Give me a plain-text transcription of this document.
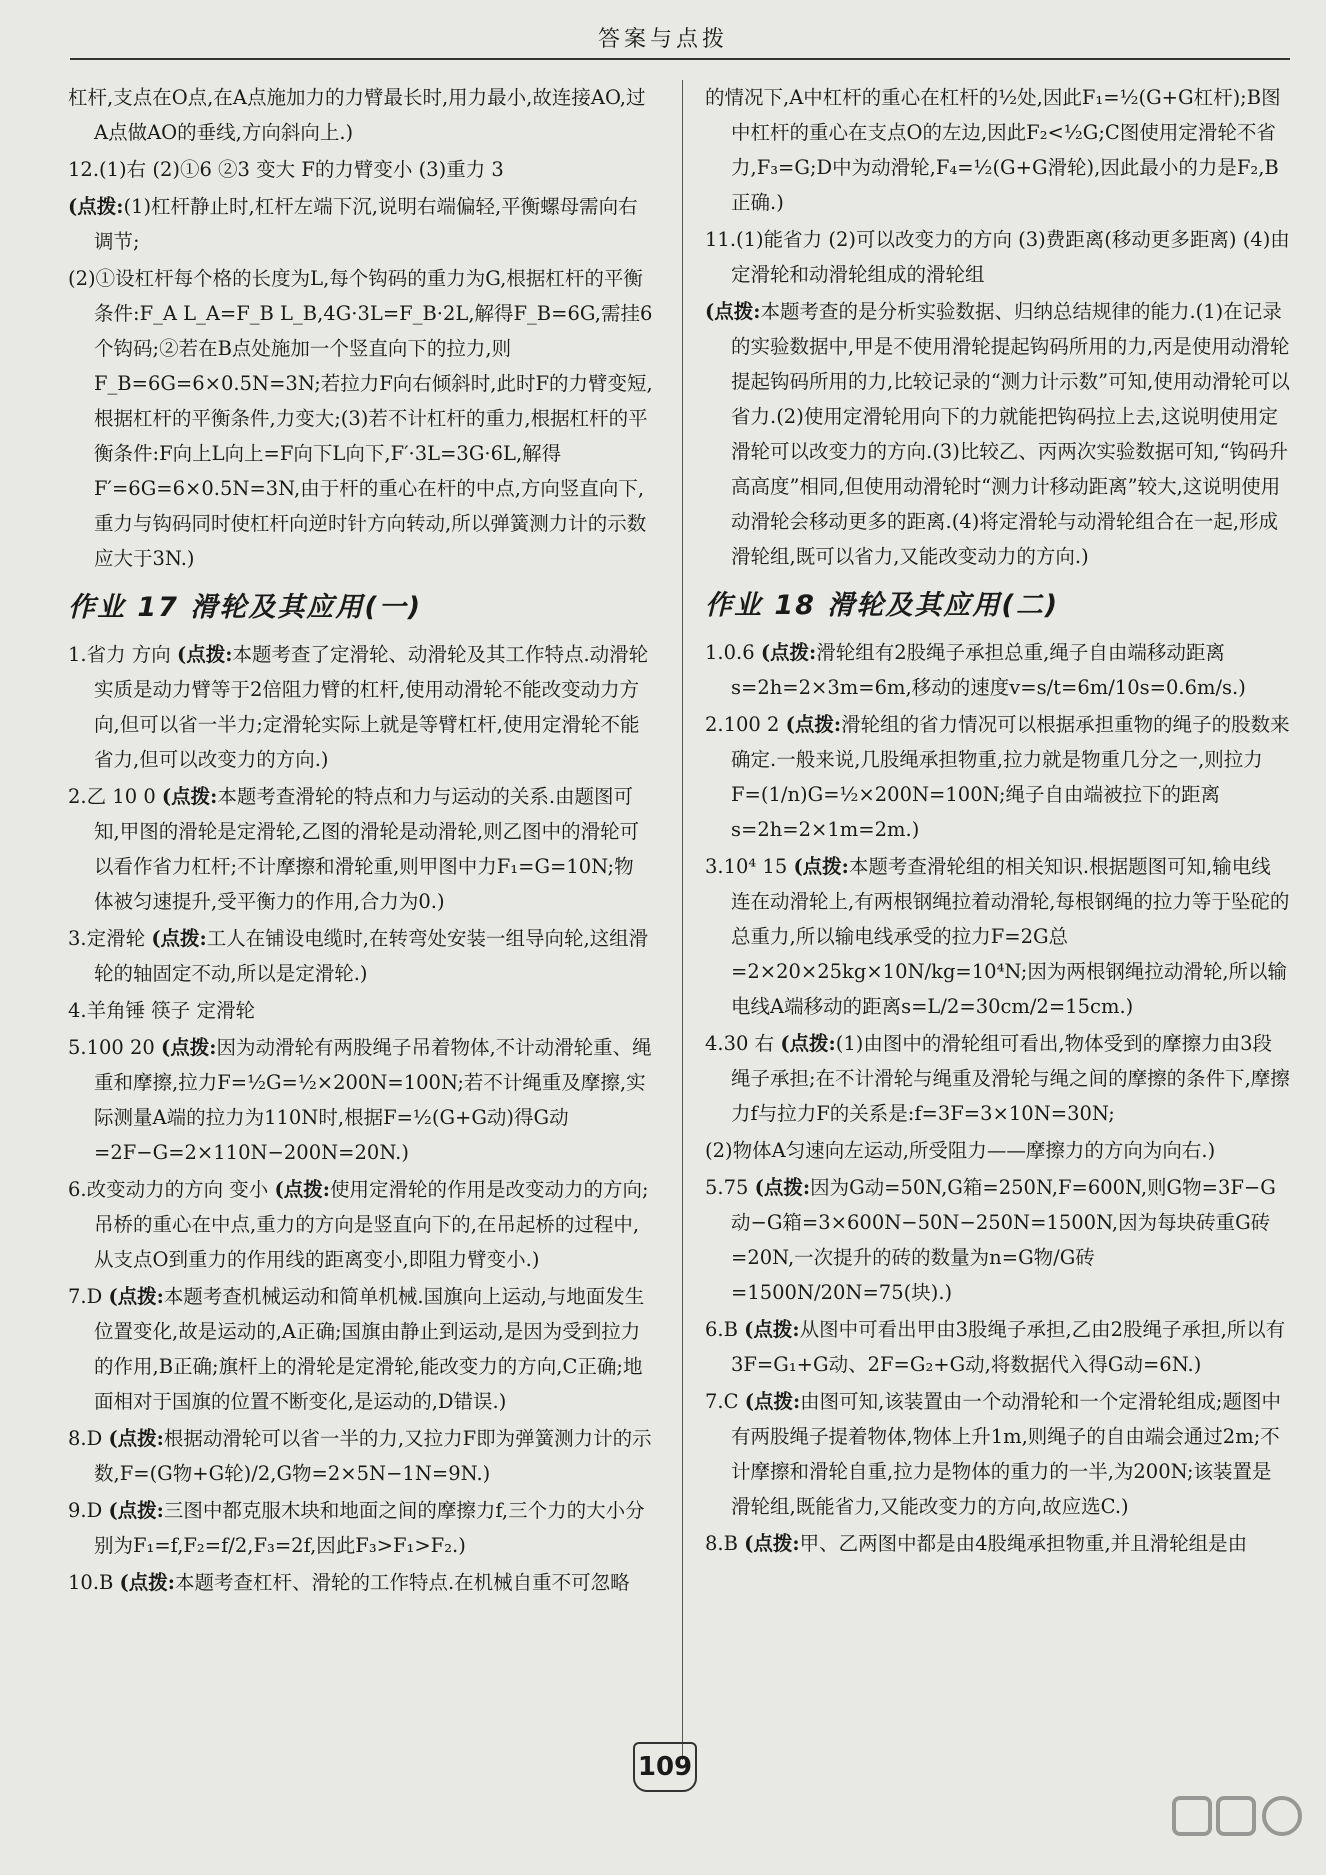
答案与点拨
杠杆,支点在O点,在A点施加力的力臂最长时,用力最小,故连接AO,过A点做AO的垂线,方向斜向上.)
12.(1)右 (2)①6 ②3 变大 F的力臂变小 (3)重力 3
(点拨:(1)杠杆静止时,杠杆左端下沉,说明右端偏轻,平衡螺母需向右调节;
(2)①设杠杆每个格的长度为L,每个钩码的重力为G,根据杠杆的平衡条件:F_A L_A=F_B L_B,4G·3L=F_B·2L,解得F_B=6G,需挂6个钩码;②若在B点处施加一个竖直向下的拉力,则F_B=6G=6×0.5N=3N;若拉力F向右倾斜时,此时F的力臂变短,根据杠杆的平衡条件,力变大;(3)若不计杠杆的重力,根据杠杆的平衡条件:F向上L向上=F向下L向下,F′·3L=3G·6L,解得F′=6G=6×0.5N=3N,由于杆的重心在杆的中点,方向竖直向下,重力与钩码同时使杠杆向逆时针方向转动,所以弹簧测力计的示数应大于3N.)
作业 17 滑轮及其应用(一)
1.省力 方向 (点拨:本题考查了定滑轮、动滑轮及其工作特点.动滑轮实质是动力臂等于2倍阻力臂的杠杆,使用动滑轮不能改变动力方向,但可以省一半力;定滑轮实际上就是等臂杠杆,使用定滑轮不能省力,但可以改变力的方向.)
2.乙 10 0 (点拨:本题考查滑轮的特点和力与运动的关系.由题图可知,甲图的滑轮是定滑轮,乙图的滑轮是动滑轮,则乙图中的滑轮可以看作省力杠杆;不计摩擦和滑轮重,则甲图中力F₁=G=10N;物体被匀速提升,受平衡力的作用,合力为0.)
3.定滑轮 (点拨:工人在铺设电缆时,在转弯处安装一组导向轮,这组滑轮的轴固定不动,所以是定滑轮.)
4.羊角锤 筷子 定滑轮
5.100 20 (点拨:因为动滑轮有两股绳子吊着物体,不计动滑轮重、绳重和摩擦,拉力F=½G=½×200N=100N;若不计绳重及摩擦,实际测量A端的拉力为110N时,根据F=½(G+G动)得G动=2F−G=2×110N−200N=20N.)
6.改变动力的方向 变小 (点拨:使用定滑轮的作用是改变动力的方向;吊桥的重心在中点,重力的方向是竖直向下的,在吊起桥的过程中,从支点O到重力的作用线的距离变小,即阻力臂变小.)
7.D (点拨:本题考查机械运动和简单机械.国旗向上运动,与地面发生位置变化,故是运动的,A正确;国旗由静止到运动,是因为受到拉力的作用,B正确;旗杆上的滑轮是定滑轮,能改变力的方向,C正确;地面相对于国旗的位置不断变化,是运动的,D错误.)
8.D (点拨:根据动滑轮可以省一半的力,又拉力F即为弹簧测力计的示数,F=(G物+G轮)/2,G物=2×5N−1N=9N.)
9.D (点拨:三图中都克服木块和地面之间的摩擦力f,三个力的大小分别为F₁=f,F₂=f/2,F₃=2f,因此F₃>F₁>F₂.)
10.B (点拨:本题考查杠杆、滑轮的工作特点.在机械自重不可忽略
的情况下,A中杠杆的重心在杠杆的½处,因此F₁=½(G+G杠杆);B图中杠杆的重心在支点O的左边,因此F₂<½G;C图使用定滑轮不省力,F₃=G;D中为动滑轮,F₄=½(G+G滑轮),因此最小的力是F₂,B正确.)
11.(1)能省力 (2)可以改变力的方向 (3)费距离(移动更多距离) (4)由定滑轮和动滑轮组成的滑轮组
(点拨:本题考查的是分析实验数据、归纳总结规律的能力.(1)在记录的实验数据中,甲是不使用滑轮提起钩码所用的力,丙是使用动滑轮提起钩码所用的力,比较记录的“测力计示数”可知,使用动滑轮可以省力.(2)使用定滑轮用向下的力就能把钩码拉上去,这说明使用定滑轮可以改变力的方向.(3)比较乙、丙两次实验数据可知,“钩码升高高度”相同,但使用动滑轮时“测力计移动距离”较大,这说明使用动滑轮会移动更多的距离.(4)将定滑轮与动滑轮组合在一起,形成滑轮组,既可以省力,又能改变动力的方向.)
作业 18 滑轮及其应用(二)
1.0.6 (点拨:滑轮组有2股绳子承担总重,绳子自由端移动距离s=2h=2×3m=6m,移动的速度v=s/t=6m/10s=0.6m/s.)
2.100 2 (点拨:滑轮组的省力情况可以根据承担重物的绳子的股数来确定.一般来说,几股绳承担物重,拉力就是物重几分之一,则拉力F=(1/n)G=½×200N=100N;绳子自由端被拉下的距离s=2h=2×1m=2m.)
3.10⁴ 15 (点拨:本题考查滑轮组的相关知识.根据题图可知,输电线连在动滑轮上,有两根钢绳拉着动滑轮,每根钢绳的拉力等于坠砣的总重力,所以输电线承受的拉力F=2G总=2×20×25kg×10N/kg=10⁴N;因为两根钢绳拉动滑轮,所以输电线A端移动的距离s=L/2=30cm/2=15cm.)
4.30 右 (点拨:(1)由图中的滑轮组可看出,物体受到的摩擦力由3段绳子承担;在不计滑轮与绳重及滑轮与绳之间的摩擦的条件下,摩擦力f与拉力F的关系是:f=3F=3×10N=30N;
(2)物体A匀速向左运动,所受阻力——摩擦力的方向为向右.)
5.75 (点拨:因为G动=50N,G箱=250N,F=600N,则G物=3F−G动−G箱=3×600N−50N−250N=1500N,因为每块砖重G砖=20N,一次提升的砖的数量为n=G物/G砖=1500N/20N=75(块).)
6.B (点拨:从图中可看出甲由3股绳子承担,乙由2股绳子承担,所以有3F=G₁+G动、2F=G₂+G动,将数据代入得G动=6N.)
7.C (点拨:由图可知,该装置由一个动滑轮和一个定滑轮组成;题图中有两股绳子提着物体,物体上升1m,则绳子的自由端会通过2m;不计摩擦和滑轮自重,拉力是物体的重力的一半,为200N;该装置是滑轮组,既能省力,又能改变力的方向,故应选C.)
8.B (点拨:甲、乙两图中都是由4股绳承担物重,并且滑轮组是由
109
